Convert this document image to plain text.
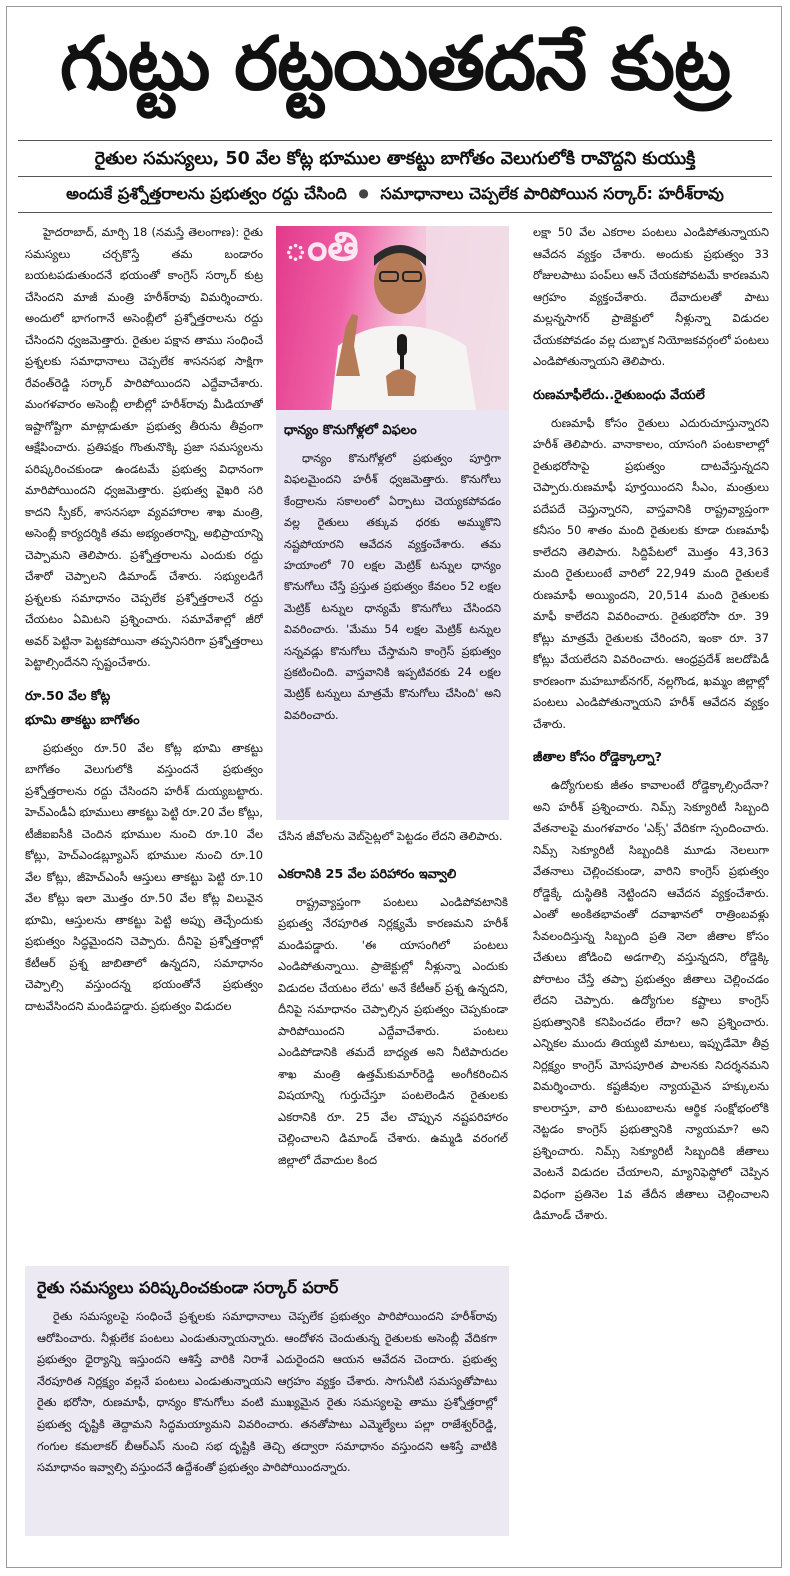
గుట్టు రట్టయితదనే కుట్ర
రైతుల సమస్యలు, 50 వేల కోట్ల భూముల తాకట్టు బాగోతం వెలుగులోకి రావొద్దని కుయుక్తి
అందుకే ప్రశ్నోత్తరాలను ప్రభుత్వం రద్దు చేసింది ● సమాధానాలు చెప్పలేక పారిపోయిన సర్కార్: హరీశ్‌రావు

హైదరాబాద్, మార్చి 18 (నమస్తే తెలంగాణ): రైతు సమస్యలు చర్చకొస్తే తమ బండారం బయటపడుతుందనే భయంతో కాంగ్రెస్ సర్కార్ కుట్ర చేసిందని మాజీ మంత్రి హరీశ్‌రావు విమర్శించారు. అందులో భాగంగానే అసెంబ్లీలో ప్రశ్నోత్తరాలను రద్దు చేసిందని ధ్వజమెత్తారు. రైతుల పక్షాన తాము సంధించే ప్రశ్నలకు సమాధానాలు చెప్పలేక శాసనసభ సాక్షిగా రేవంత్‌రెడ్డి సర్కార్ పారిపోయిందని ఎద్దేవాచేశారు. మంగళవారం అసెంబ్లీ లాబీల్లో హరీశ్‌రావు మీడియాతో ఇష్టాగోష్టిగా మాట్లాడుతూ ప్రభుత్వ తీరును తీవ్రంగా ఆక్షేపించారు. ప్రతిపక్షం గొంతునొక్కి ప్రజా సమస్యలను పరిష్కరించకుండా ఉండటమే ప్రభుత్వ విధానంగా మారిపోయిందని ధ్వజమెత్తారు. ప్రభుత్వ వైఖరి సరి కాదని స్పీకర్, శాసనసభా వ్యవహారాల శాఖ మంత్రి, అసెంబ్లీ కార్యదర్శికి తమ అభ్యంతరాన్ని, అభిప్రాయాన్ని చెప్పామని తెలిపారు. ప్రశ్నోత్తరాలను ఎందుకు రద్దు చేశారో చెప్పాలని డిమాండ్ చేశారు. సభ్యులడిగే ప్రశ్నలకు సమాధానం చెప్పలేక ప్రశ్నోత్తరాలనే రద్దు చేయటం ఏమిటని ప్రశ్నించారు. సమావేశాల్లో జీరో అవర్ పెట్టినా పెట్టకపోయినా తప్పనిసరిగా ప్రశ్నోత్తరాలు పెట్టాల్సిందేనని స్పష్టంచేశారు.

రూ.50 వేల కోట్ల
భూమి తాకట్టు బాగోతం

ప్రభుత్వం రూ.50 వేల కోట్ల భూమి తాకట్టు బాగోతం వెలుగులోకి వస్తుందనే ప్రభుత్వం ప్రశ్నోత్తరాలను రద్దు చేసిందని హరీశ్ దుయ్యబట్టారు. హెచ్ఎండీఏ భూములు తాకట్టు పెట్టి రూ.20 వేల కోట్లు, టీజీఐఐసీకి చెందిన భూముల నుంచి రూ.10 వేల కోట్లు, హెచ్ఎండబ్ల్యూఎస్ భూముల నుంచి రూ.10 వేల కోట్లు, జీహెచ్ఎంసీ ఆస్తులు తాకట్టు పెట్టి రూ.10 వేల కోట్లు ఇలా మొత్తం రూ.50 వేల కోట్ల విలువైన భూమి, ఆస్తులను తాకట్టు పెట్టి అప్పు తెచ్చేందుకు ప్రభుత్వం సిద్ధమైందని చెప్పారు. దీనిపై ప్రశ్నోత్తరాల్లో కేటీఆర్ ప్రశ్న జాబితాలో ఉన్నదని, సమాధానం చెప్పాల్సి వస్తుందన్న భయంతోనే ప్రభుత్వం దాటవేసిందని మండిపడ్డారు. ప్రభుత్వం విడుదల

ంతి
ధాన్యం కొనుగోళ్లలో విఫలం

ధాన్యం కొనుగోళ్లలో ప్రభుత్వం పూర్తిగా విఫలమైందని హరీశ్ ధ్వజమెత్తారు. కొనుగోలు కేంద్రాలను సకాలంలో ఏర్పాటు చెయ్యకపోవడం వల్ల రైతులు తక్కువ ధరకు అమ్ముకొని నష్టపోయారని ఆవేదన వ్యక్తంచేశారు. తమ హయాంలో 70 లక్షల మెట్రిక్ టన్నుల ధాన్యం కొనుగోలు చేస్తే ప్రస్తుత ప్రభుత్వం కేవలం 52 లక్షల మెట్రిక్ టన్నుల ధాన్యమే కొనుగోలు చేసిందని వివరించారు. 'మేము 54 లక్షల మెట్రిక్ టన్నుల సన్నవడ్లు కొనుగోలు చేస్తామని కాంగ్రెస్ ప్రభుత్వం ప్రకటించింది. వాస్తవానికి ఇప్పటివరకు 24 లక్షల మెట్రిక్ టన్నులు మాత్రమే కొనుగోలు చేసింది' అని వివరించారు.

చేసిన జీవోలను వెబ్‌సైట్లలో పెట్టడం లేదని తెలిపారు.

ఎకరానికి 25 వేల పరిహారం ఇవ్వాలి

రాష్ట్రవ్యాప్తంగా పంటలు ఎండిపోవటానికి ప్రభుత్వ నేరపూరిత నిర్లక్ష్యమే కారణమని హరీశ్ మండిపడ్డారు. 'ఈ యాసంగిలో పంటలు ఎండిపోతున్నాయి. ప్రాజెక్టుల్లో నీళ్లున్నా ఎందుకు విడుదల చేయటం లేదు' అనే కేటీఆర్ ప్రశ్న ఉన్నదని, దీనిపై సమాధానం చెప్పాల్సిన ప్రభుత్వం చెప్పకుండా పారిపోయిందని ఎద్దేవాచేశారు. పంటలు ఎండిపోడానికి తమదే బాధ్యత అని నీటిపారుదల శాఖ మంత్రి ఉత్తమ్‌కుమార్‌రెడ్డి అంగీకరించిన విషయాన్ని గుర్తుచేస్తూ పంటలెండిన రైతులకు ఎకరానికి రూ. 25 వేల చొప్పున నష్టపరిహారం చెల్లించాలని డిమాండ్ చేశారు. ఉమ్మడి వరంగల్ జిల్లాలో దేవాదుల కింద

లక్షా 50 వేల ఎకరాల పంటలు ఎండిపోతున్నాయని ఆవేదన వ్యక్తం చేశారు. అందుకు ప్రభుత్వం 33 రోజులపాటు పంప్‌లు ఆన్ చేయకపోవటమే కారణమని ఆగ్రహం వ్యక్తంచేశారు. దేవాదులతో పాటు మల్లన్నసాగర్ ప్రాజెక్టులో నీళ్లున్నా విడుదల చేయకపోవడం వల్ల దుబ్బాక నియోజకవర్గంలో పంటలు ఎండిపోతున్నాయని తెలిపారు.

రుణమాఫీలేదు..రైతుబంధు వేయలే

రుణమాఫీ కోసం రైతులు ఎదురుచూస్తున్నారని హరీశ్ తెలిపారు. వానాకాలం, యాసంగి పంటకాలాల్లో రైతుభరోసాపై ప్రభుత్వం దాటవేస్తున్నదని చెప్పారు.రుణమాఫీ పూర్తయిందని సీఎం, మంత్రులు పదేపదే చెప్తున్నారని, వాస్తవానికి రాష్ట్రవ్యాప్తంగా కనీసం 50 శాతం మంది రైతులకు కూడా రుణమాఫీ కాలేదని తెలిపారు. సిద్దిపేటలో మొత్తం 43,363 మంది రైతులుంటే వారిలో 22,949 మంది రైతులకే రుణమాఫీ అయ్యిందని, 20,514 మంది రైతులకు మాఫీ కాలేదని వివరించారు. రైతుభరోసా రూ. 39 కోట్లు మాత్రమే రైతులకు చేరిందని, ఇంకా రూ. 37 కోట్లు వేయలేదని వివరించారు. ఆంధ్రప్రదేశ్ జలదోపిడీ కారణంగా మహబూబ్‌నగర్, నల్లగొండ, ఖమ్మం జిల్లాల్లో పంటలు ఎండిపోతున్నాయని హరీశ్ ఆవేదన వ్యక్తం చేశారు.

జీతాల కోసం రోడ్డెక్కాల్నా?

ఉద్యోగులకు జీతం కావాలంటే రోడ్డెక్కాల్సిందేనా? అని హరీశ్ ప్రశ్నించారు. నిమ్స్ సెక్యూరిటీ సిబ్బంది వేతనాలపై మంగళవారం 'ఎక్స్' వేదికగా స్పందించారు. నిమ్స్ సెక్యూరిటీ సిబ్బందికి మూడు నెలలుగా వేతనాలు చెల్లించకుండా, వారిని కాంగ్రెస్ ప్రభుత్వం రోడ్డెక్కే దుస్థితికి నెట్టిందని ఆవేదన వ్యక్తంచేశారు. ఎంతో అంకితభావంతో దవాఖానలో రాత్రింబవళ్లు సేవలందిస్తున్న సిబ్బంది ప్రతి నెలా జీతాల కోసం చేతులు జోడించి అడగాల్సి వస్తున్నదని, రోడ్డెక్కి పోరాటం చేస్తే తప్పా ప్రభుత్వం జీతాలు చెల్లించడం లేదని చెప్పారు. ఉద్యోగుల కష్టాలు కాంగ్రెస్ ప్రభుత్వానికి కనిపించడం లేదా? అని ప్రశ్నించారు. ఎన్నికల ముందు తియ్యటి మాటలు, ఇప్పుడేమో తీవ్ర నిర్లక్ష్యం కాంగ్రెస్ మోసపూరిత పాలనకు నిదర్శనమని విమర్శించారు. కష్టజీవుల న్యాయమైన హక్కులను కాలరాస్తూ, వారి కుటుంబాలను ఆర్థిక సంక్షోభంలోకి నెట్టడం కాంగ్రెస్ ప్రభుత్వానికి న్యాయమా? అని ప్రశ్నించారు. నిమ్స్ సెక్యూరిటీ సిబ్బందికి జీతాలు వెంటనే విడుదల చేయాలని, మ్యానిఫెస్టోలో చెప్పిన విధంగా ప్రతినెల 1వ తేదీన జీతాలు చెల్లించాలని డిమాండ్ చేశారు.

రైతు సమస్యలు పరిష్కరించకుండా సర్కార్ పరార్

రైతు సమస్యలపై సంధించే ప్రశ్నలకు సమాధానాలు చెప్పలేక ప్రభుత్వం పారిపోయిందని హరీశ్‌రావు ఆరోపించారు. నీళ్లులేక పంటలు ఎండుతున్నాయన్నారు. ఆందోళన చెందుతున్న రైతులకు అసెంబ్లీ వేదికగా ప్రభుత్వం ధైర్యాన్ని ఇస్తుందని ఆశిస్తే వారికి నిరాశే ఎదురైందని ఆయన ఆవేదన చెందారు. ప్రభుత్వ నేరపూరిత నిర్లక్ష్యం వల్లనే పంటలు ఎండుతున్నాయని ఆగ్రహం వ్యక్తం చేశారు. సాగునీటి సమస్యతోపాటు రైతు భరోసా, రుణమాఫీ, ధాన్యం కొనుగోలు వంటి ముఖ్యమైన రైతు సమస్యలపై తాము ప్రశ్నోత్తరాల్లో ప్రభుత్వ దృష్టికి తెద్దామని సిద్ధమయ్యామని వివరించారు. తనతోపాటు ఎమ్మెల్యేలు పల్లా రాజేశ్వర్‌రెడ్డి, గంగుల కమలాకర్ బీఆర్ఎస్ నుంచి సభ దృష్టికి తెచ్చి తద్వారా సమాధానం వస్తుందని ఆశిస్తే వాటికి సమాధానం ఇవ్వాల్సి వస్తుందనే ఉద్దేశంతో ప్రభుత్వం పారిపోయిందన్నారు.
